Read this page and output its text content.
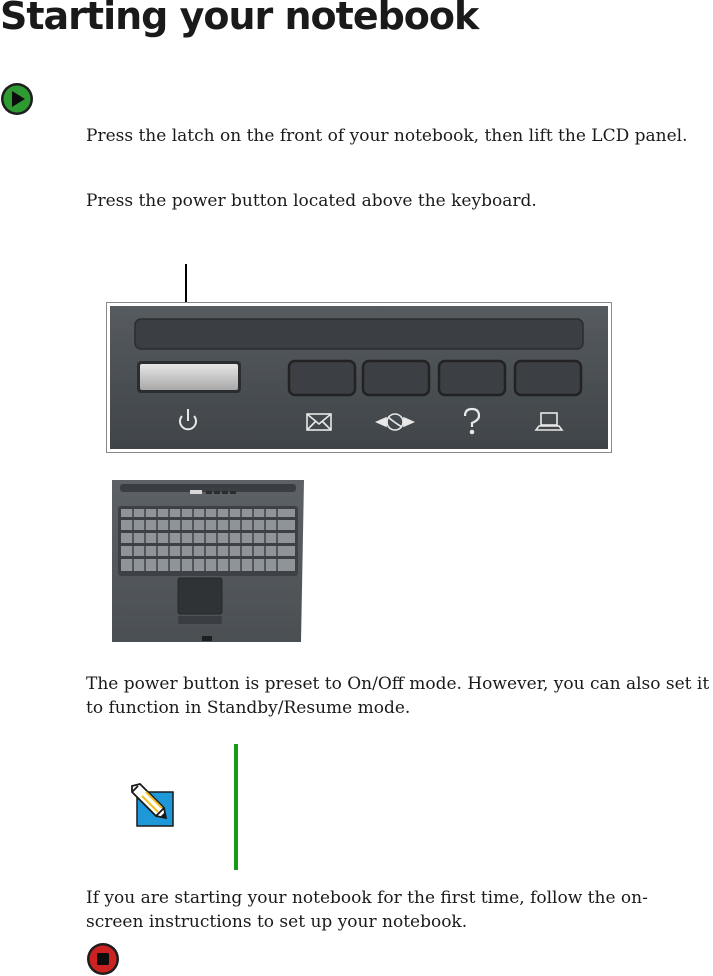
Starting your notebook

Press the latch on the front of your notebook, then lift the LCD panel.

Press the power button located above the keyboard.

The power button is preset to On/Off mode. However, you can also set it to function in Standby/Resume mode.

If you are starting your notebook for the first time, follow the on-screen instructions to set up your notebook.
